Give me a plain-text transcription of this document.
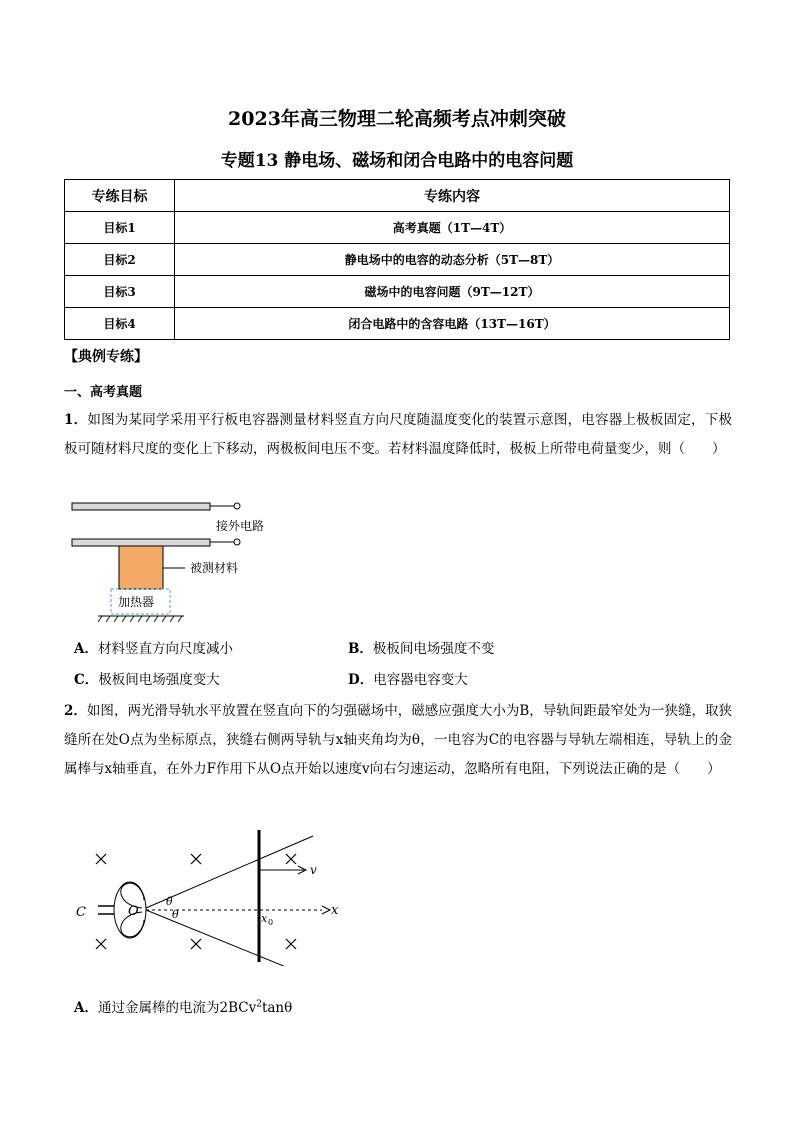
2023年高三物理二轮高频考点冲刺突破
专题13 静电场、磁场和闭合电路中的电容问题
专练目标	专练内容
目标1	高考真题（1T—4T）
目标2	静电场中的电容的动态分析（5T—8T）
目标3	磁场中的电容问题（9T—12T）
目标4	闭合电路中的含容电路（13T—16T）
【典例专练】
一、高考真题
1．如图为某同学采用平行板电容器测量材料竖直方向尺度随温度变化的装置示意图，电容器上极板固定，下极板可随材料尺度的变化上下移动，两极板间电压不变。若材料温度降低时，极板上所带电荷量变少，则（　　）
接外电路
被测材料
加热器
A．材料竖直方向尺度减小	B．极板间电场强度不变
C．极板间电场强度变大	D．电容器电容变大
2．如图，两光滑导轨水平放置在竖直向下的匀强磁场中，磁感应强度大小为B，导轨间距最窄处为一狭缝，取狭缝所在处O点为坐标原点，狭缝右侧两导轨与x轴夹角均为θ，一电容为C的电容器与导轨左端相连，导轨上的金属棒与x轴垂直，在外力F作用下从O点开始以速度v向右匀速运动，忽略所有电阻，下列说法正确的是（　　）
C	O	x
θ
θ
v
x 0
A．通过金属棒的电流为2BCv$^2$tanθ
